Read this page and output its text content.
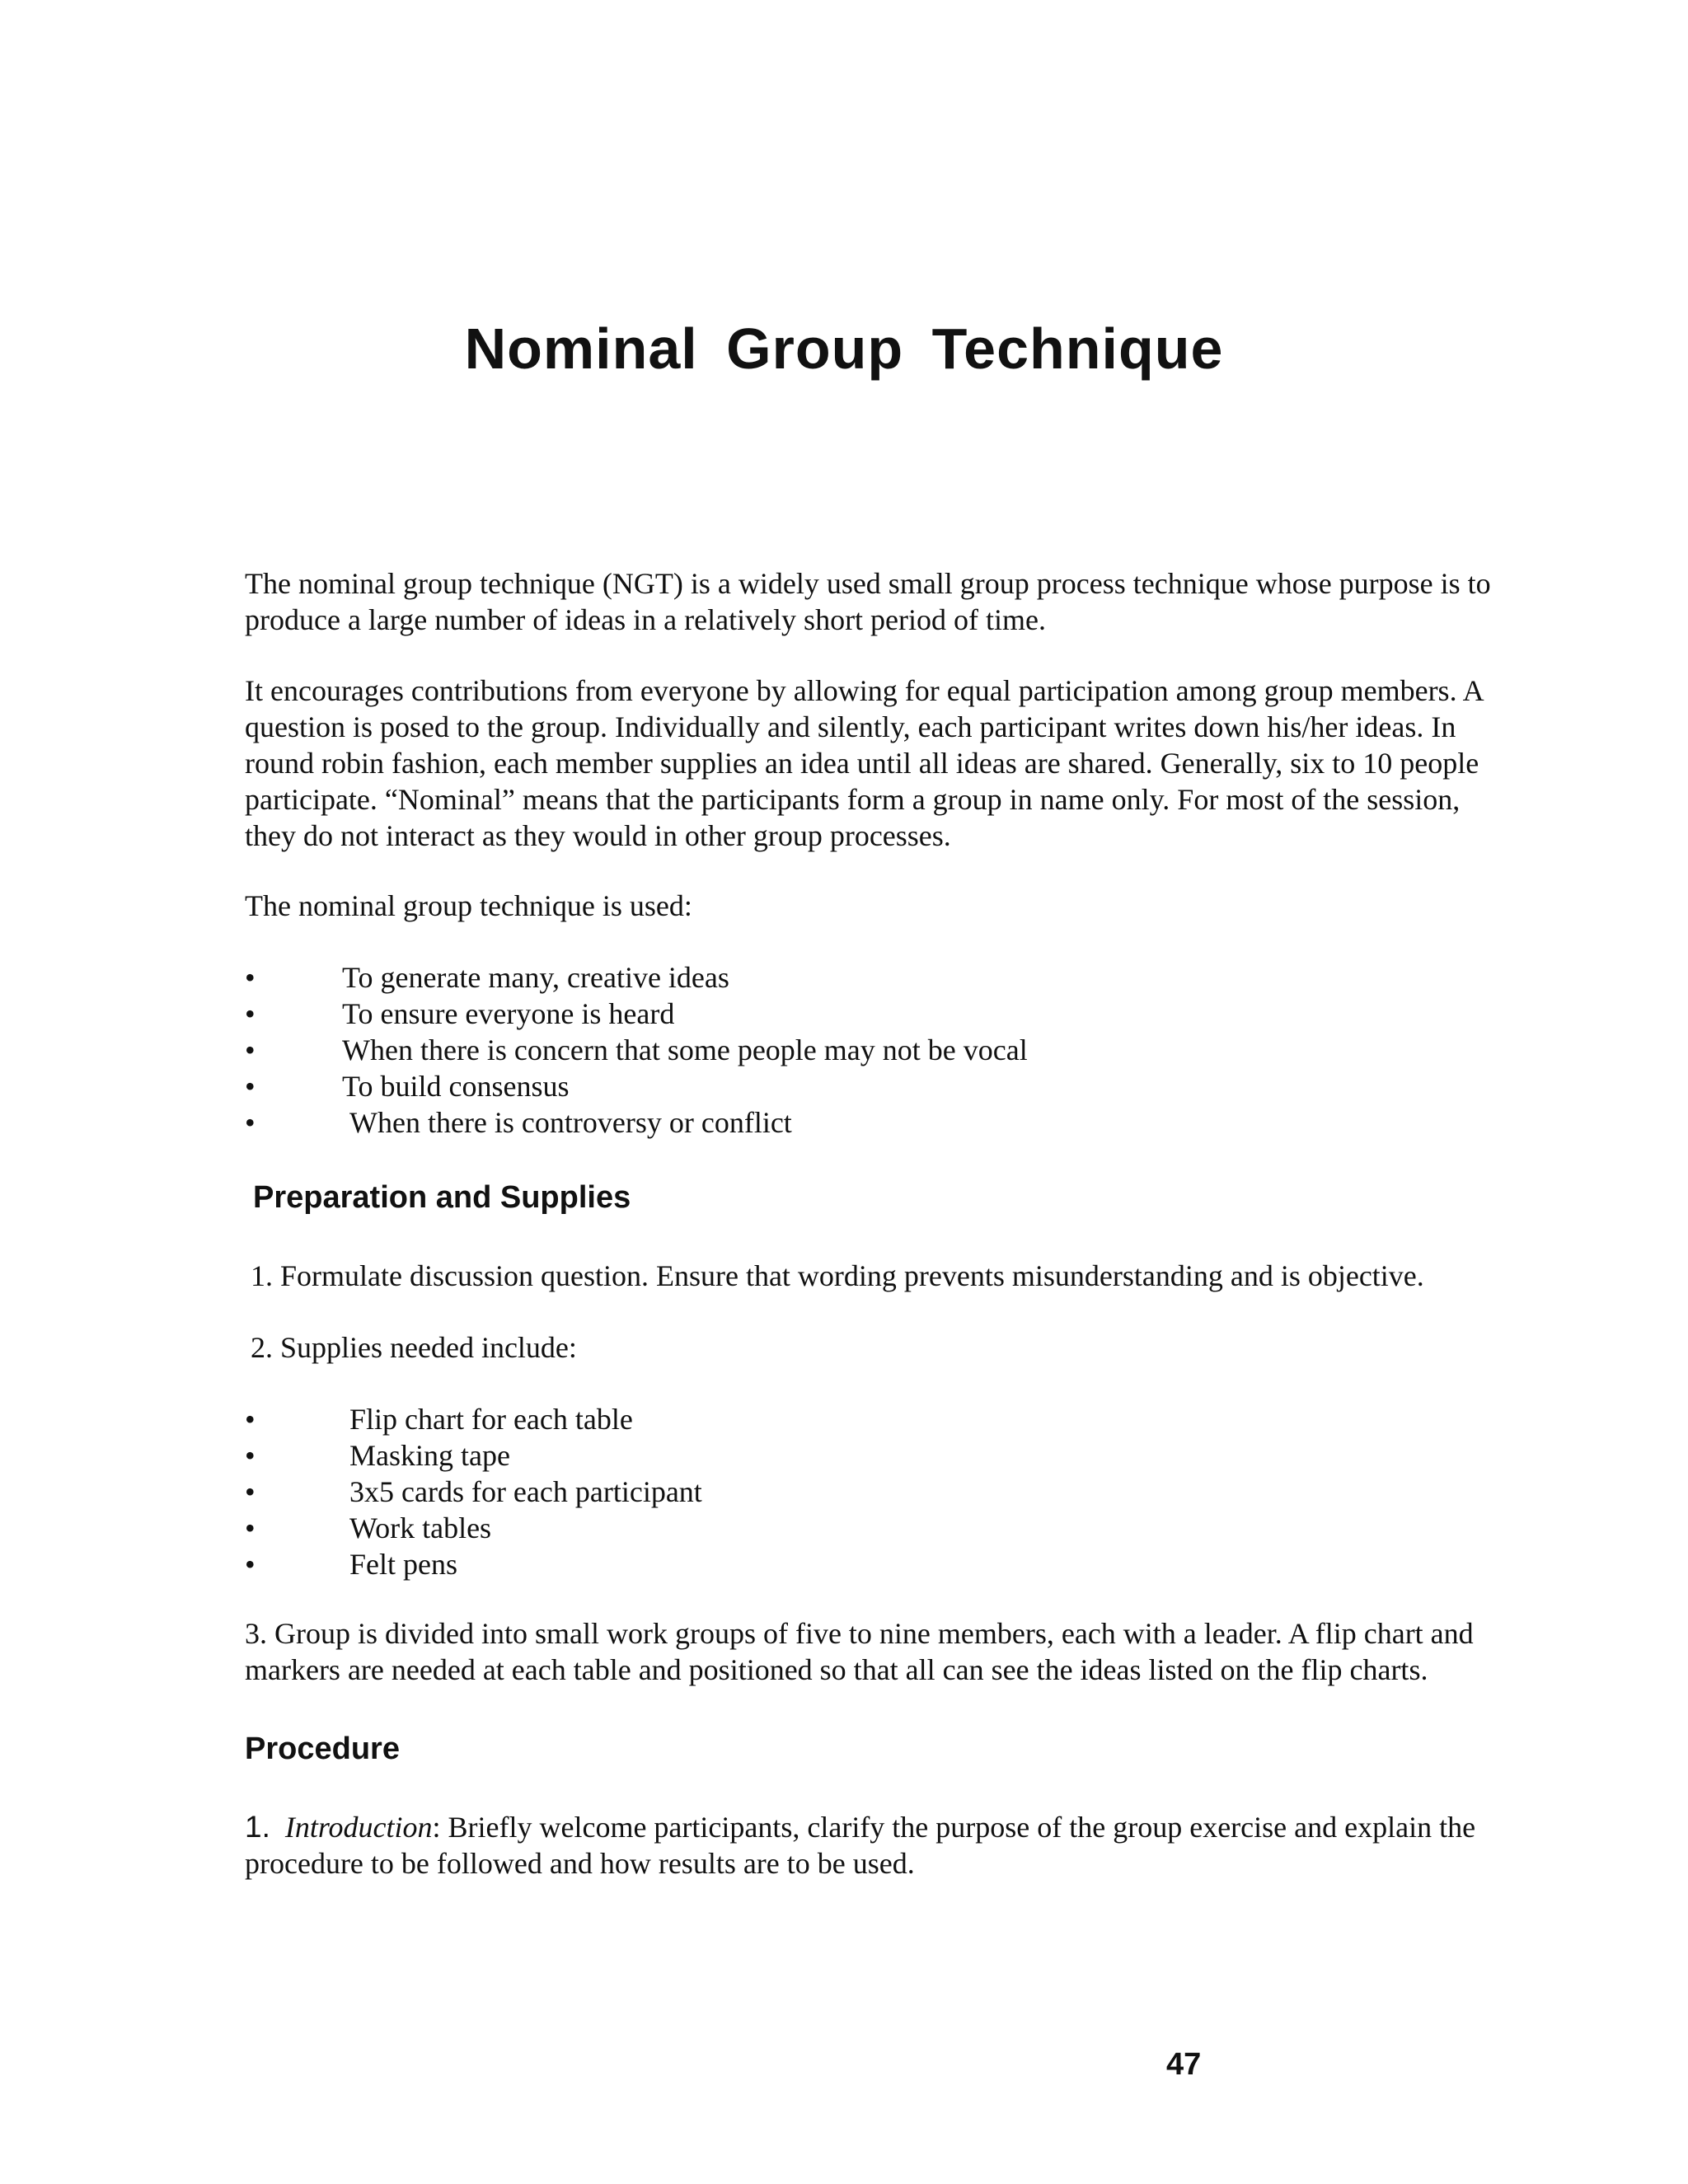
Nominal Group Technique

The nominal group technique (NGT) is a widely used small group process technique whose purpose is to produce a large number of ideas in a relatively short period of time.

It encourages contributions from everyone by allowing for equal participation among group members. A question is posed to the group. Individually and silently, each participant writes down his/her ideas. In round robin fashion, each member supplies an idea until all ideas are shared. Generally, six to 10 people participate. “Nominal” means that the participants form a group in name only. For most of the session, they do not interact as they would in other group processes.

The nominal group technique is used:

•	To generate many, creative ideas
•	To ensure everyone is heard
•	When there is concern that some people may not be vocal
•	To build consensus
•	When there is controversy or conflict
Preparation and Supplies

1. Formulate discussion question. Ensure that wording prevents misunderstanding and is objective.

2. Supplies needed include:

•	Flip chart for each table
•	Masking tape
•	3x5 cards for each participant
•	Work tables
•	Felt pens

3. Group is divided into small work groups of five to nine members, each with a leader. A flip chart and markers are needed at each table and positioned so that all can see the ideas listed on the flip charts.

Procedure

1. Introduction: Briefly welcome participants, clarify the purpose of the group exercise and explain the procedure to be followed and how results are to be used.

47
